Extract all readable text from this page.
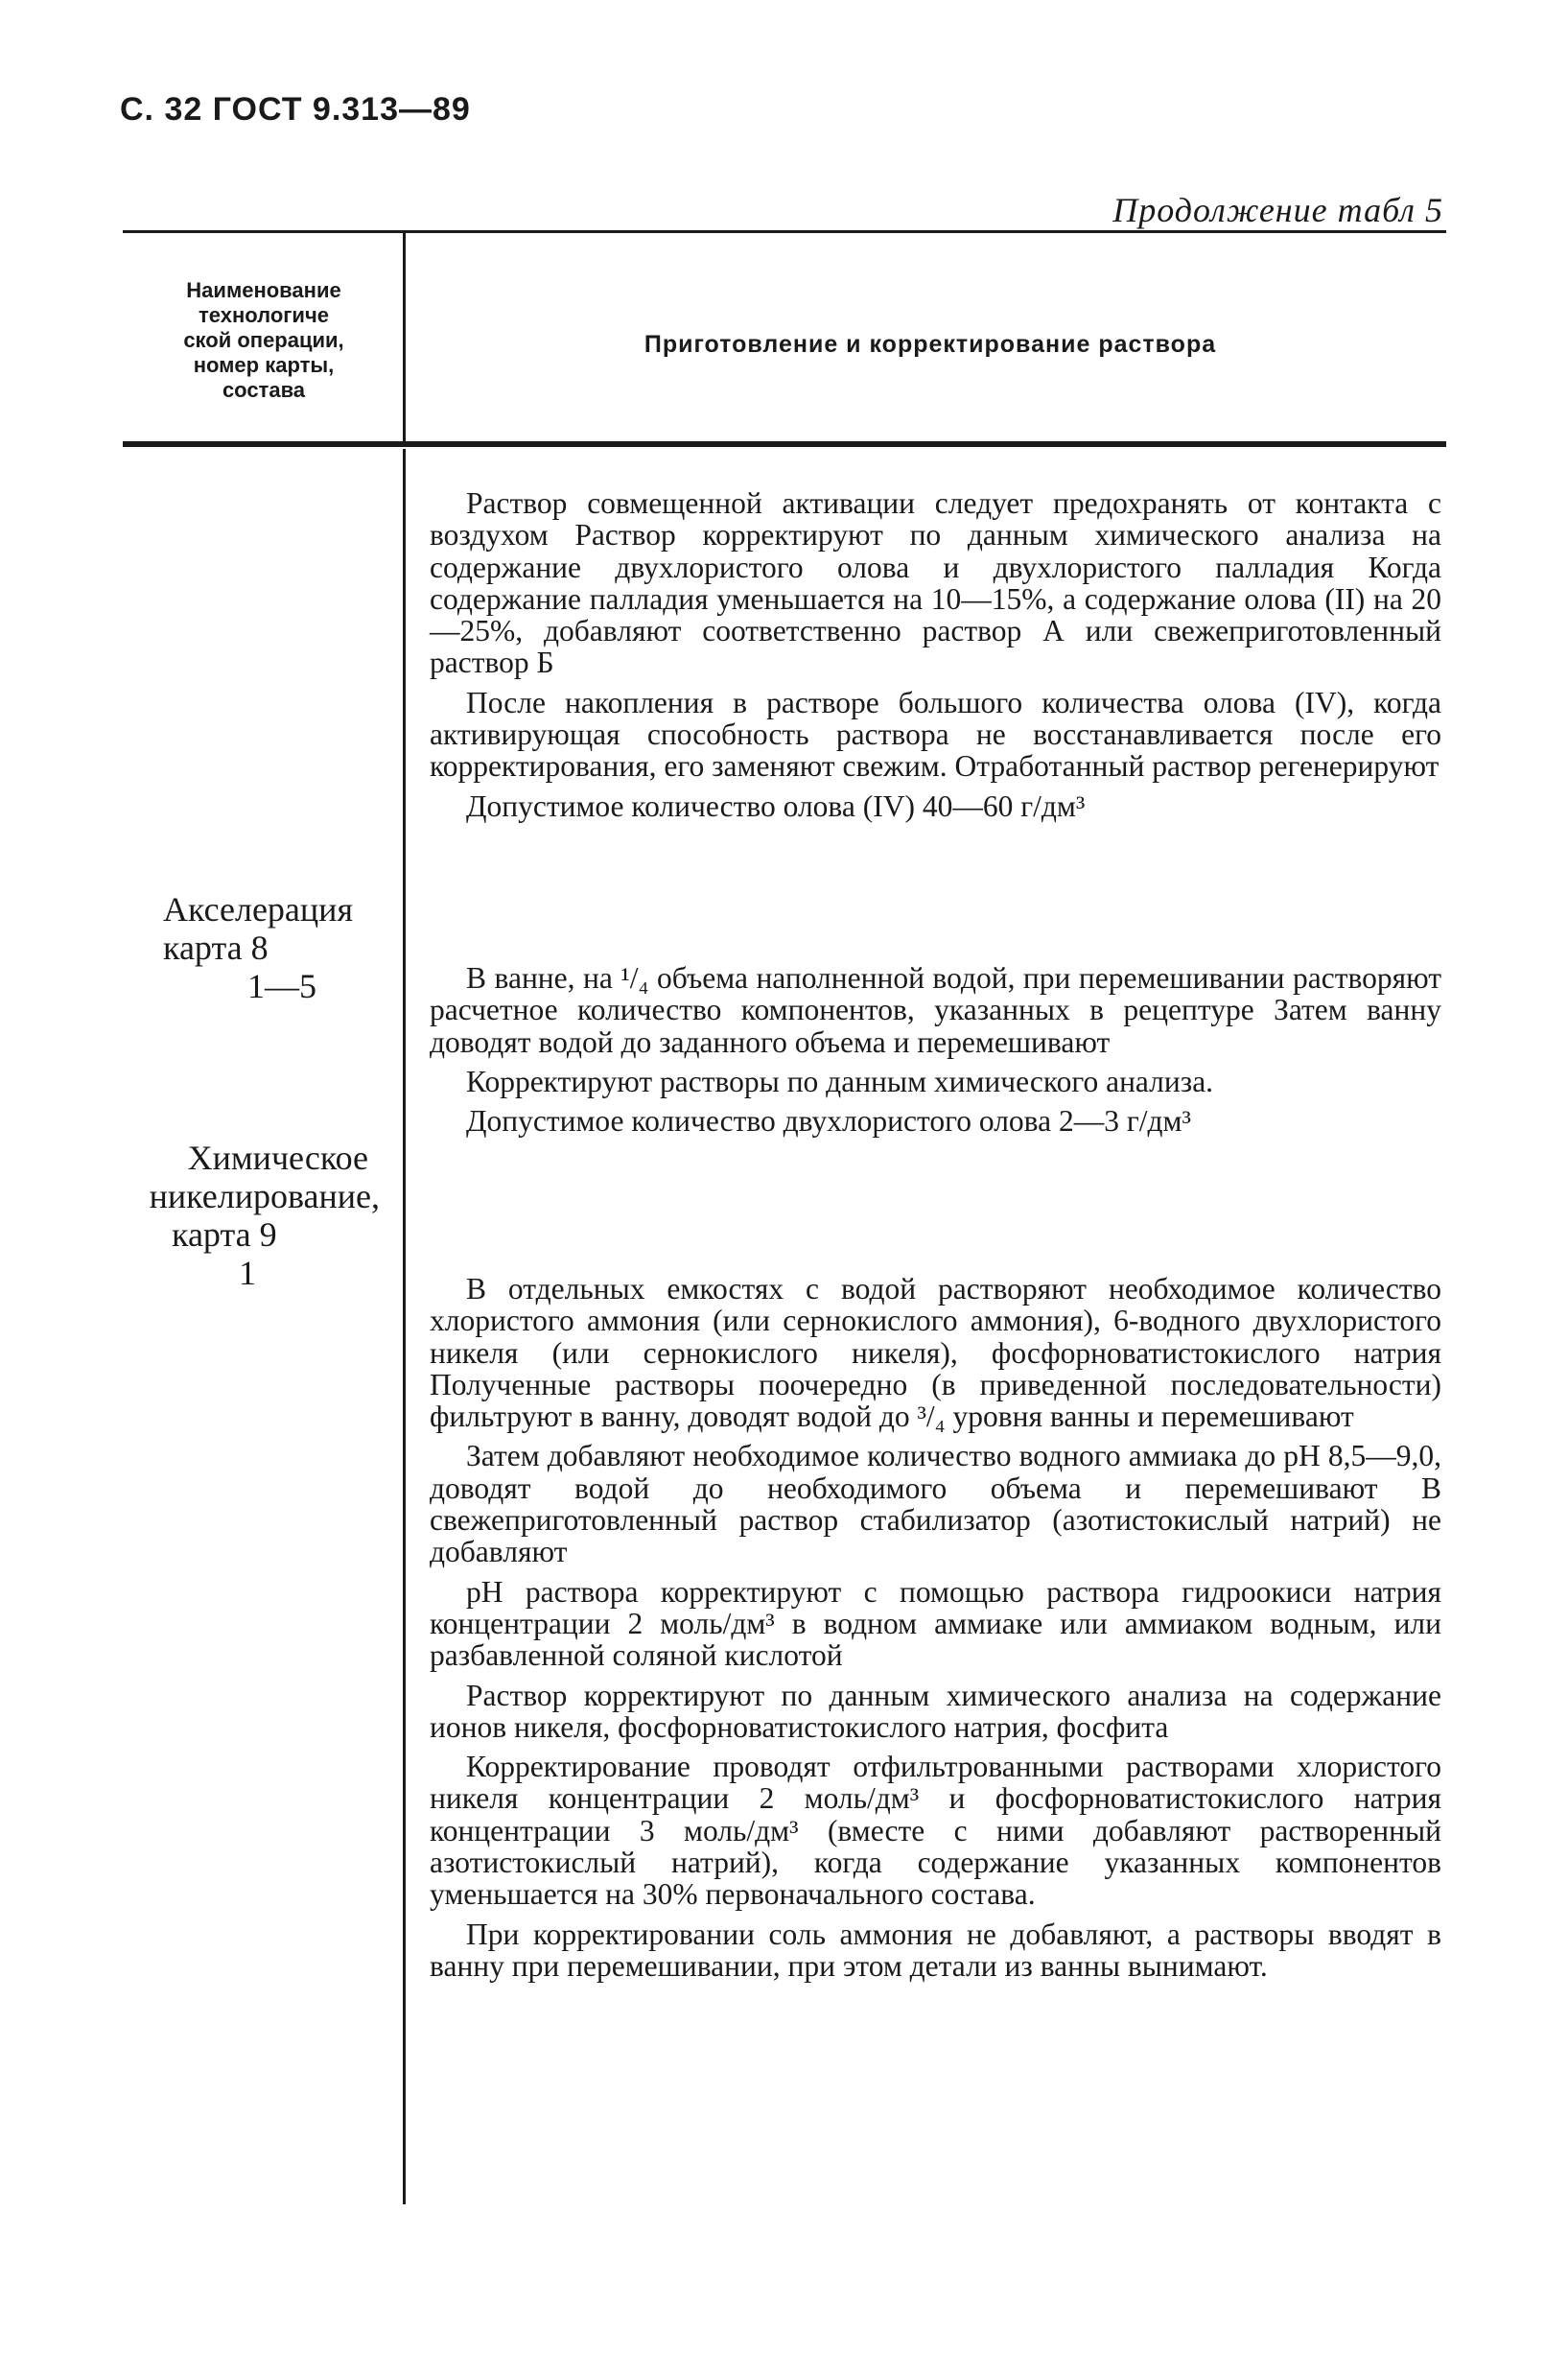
С. 32 ГОСТ 9.313—89
Продолжение табл 5
Наименование
технологиче
ской операции,
номер карты,
состава
Приготовление и корректирование раствора
Акселерация
карта 8
1—5
Химическое
никелирование,
карта 9
1

Раствор совмещенной активации следует предохранять от контакта с воздухом Раствор корректируют по данным химического анализа на содержание двухлористого олова и двухлористого палладия Когда содержание палладия уменьшается на 10—15%, а содержание олова (II) на 20—25%, добавляют соответственно раствор А или свежеприготовленный раствор Б

После накопления в растворе большого количества олова (IV), когда активирующая способность раствора не восстанавливается после его корректирования, его заменяют свежим. Отработанный раствор регенерируют

Допустимое количество олова (IV) 40—60 г/дм³

В ванне, на ¹/₄ объема наполненной водой, при перемешивании растворяют расчетное количество компонентов, указанных в рецептуре Затем ванну доводят водой до заданного объема и перемешивают

Корректируют растворы по данным химического анализа.

Допустимое количество двухлористого олова 2—3 г/дм³

В отдельных емкостях с водой растворяют необходимое количество хлористого аммония (или сернокислого аммония), 6-водного двухлористого никеля (или сернокислого никеля), фосфорноватистокислого натрия Полученные растворы поочередно (в приведенной последовательности) фильтруют в ванну, доводят водой до ³/₄ уровня ванны и перемешивают

Затем добавляют необходимое количество водного аммиака до pH 8,5—9,0, доводят водой до необходимого объема и перемешивают В свежеприготовленный раствор стабилизатор (азотистокислый натрий) не добавляют

pH раствора корректируют с помощью раствора гидроокиси натрия концентрации 2 моль/дм³ в водном аммиаке или аммиаком водным, или разбавленной соляной кислотой

Раствор корректируют по данным химического анализа на содержание ионов никеля, фосфорноватистокислого натрия, фосфита

Корректирование проводят отфильтрованными растворами хлористого никеля концентрации 2 моль/дм³ и фосфорноватистокислого натрия концентрации 3 моль/дм³ (вместе с ними добавляют растворенный азотистокислый натрий), когда содержание указанных компонентов уменьшается на 30% первоначального состава.

При корректировании соль аммония не добавляют, а растворы вводят в ванну при перемешивании, при этом детали из ванны вынимают.
